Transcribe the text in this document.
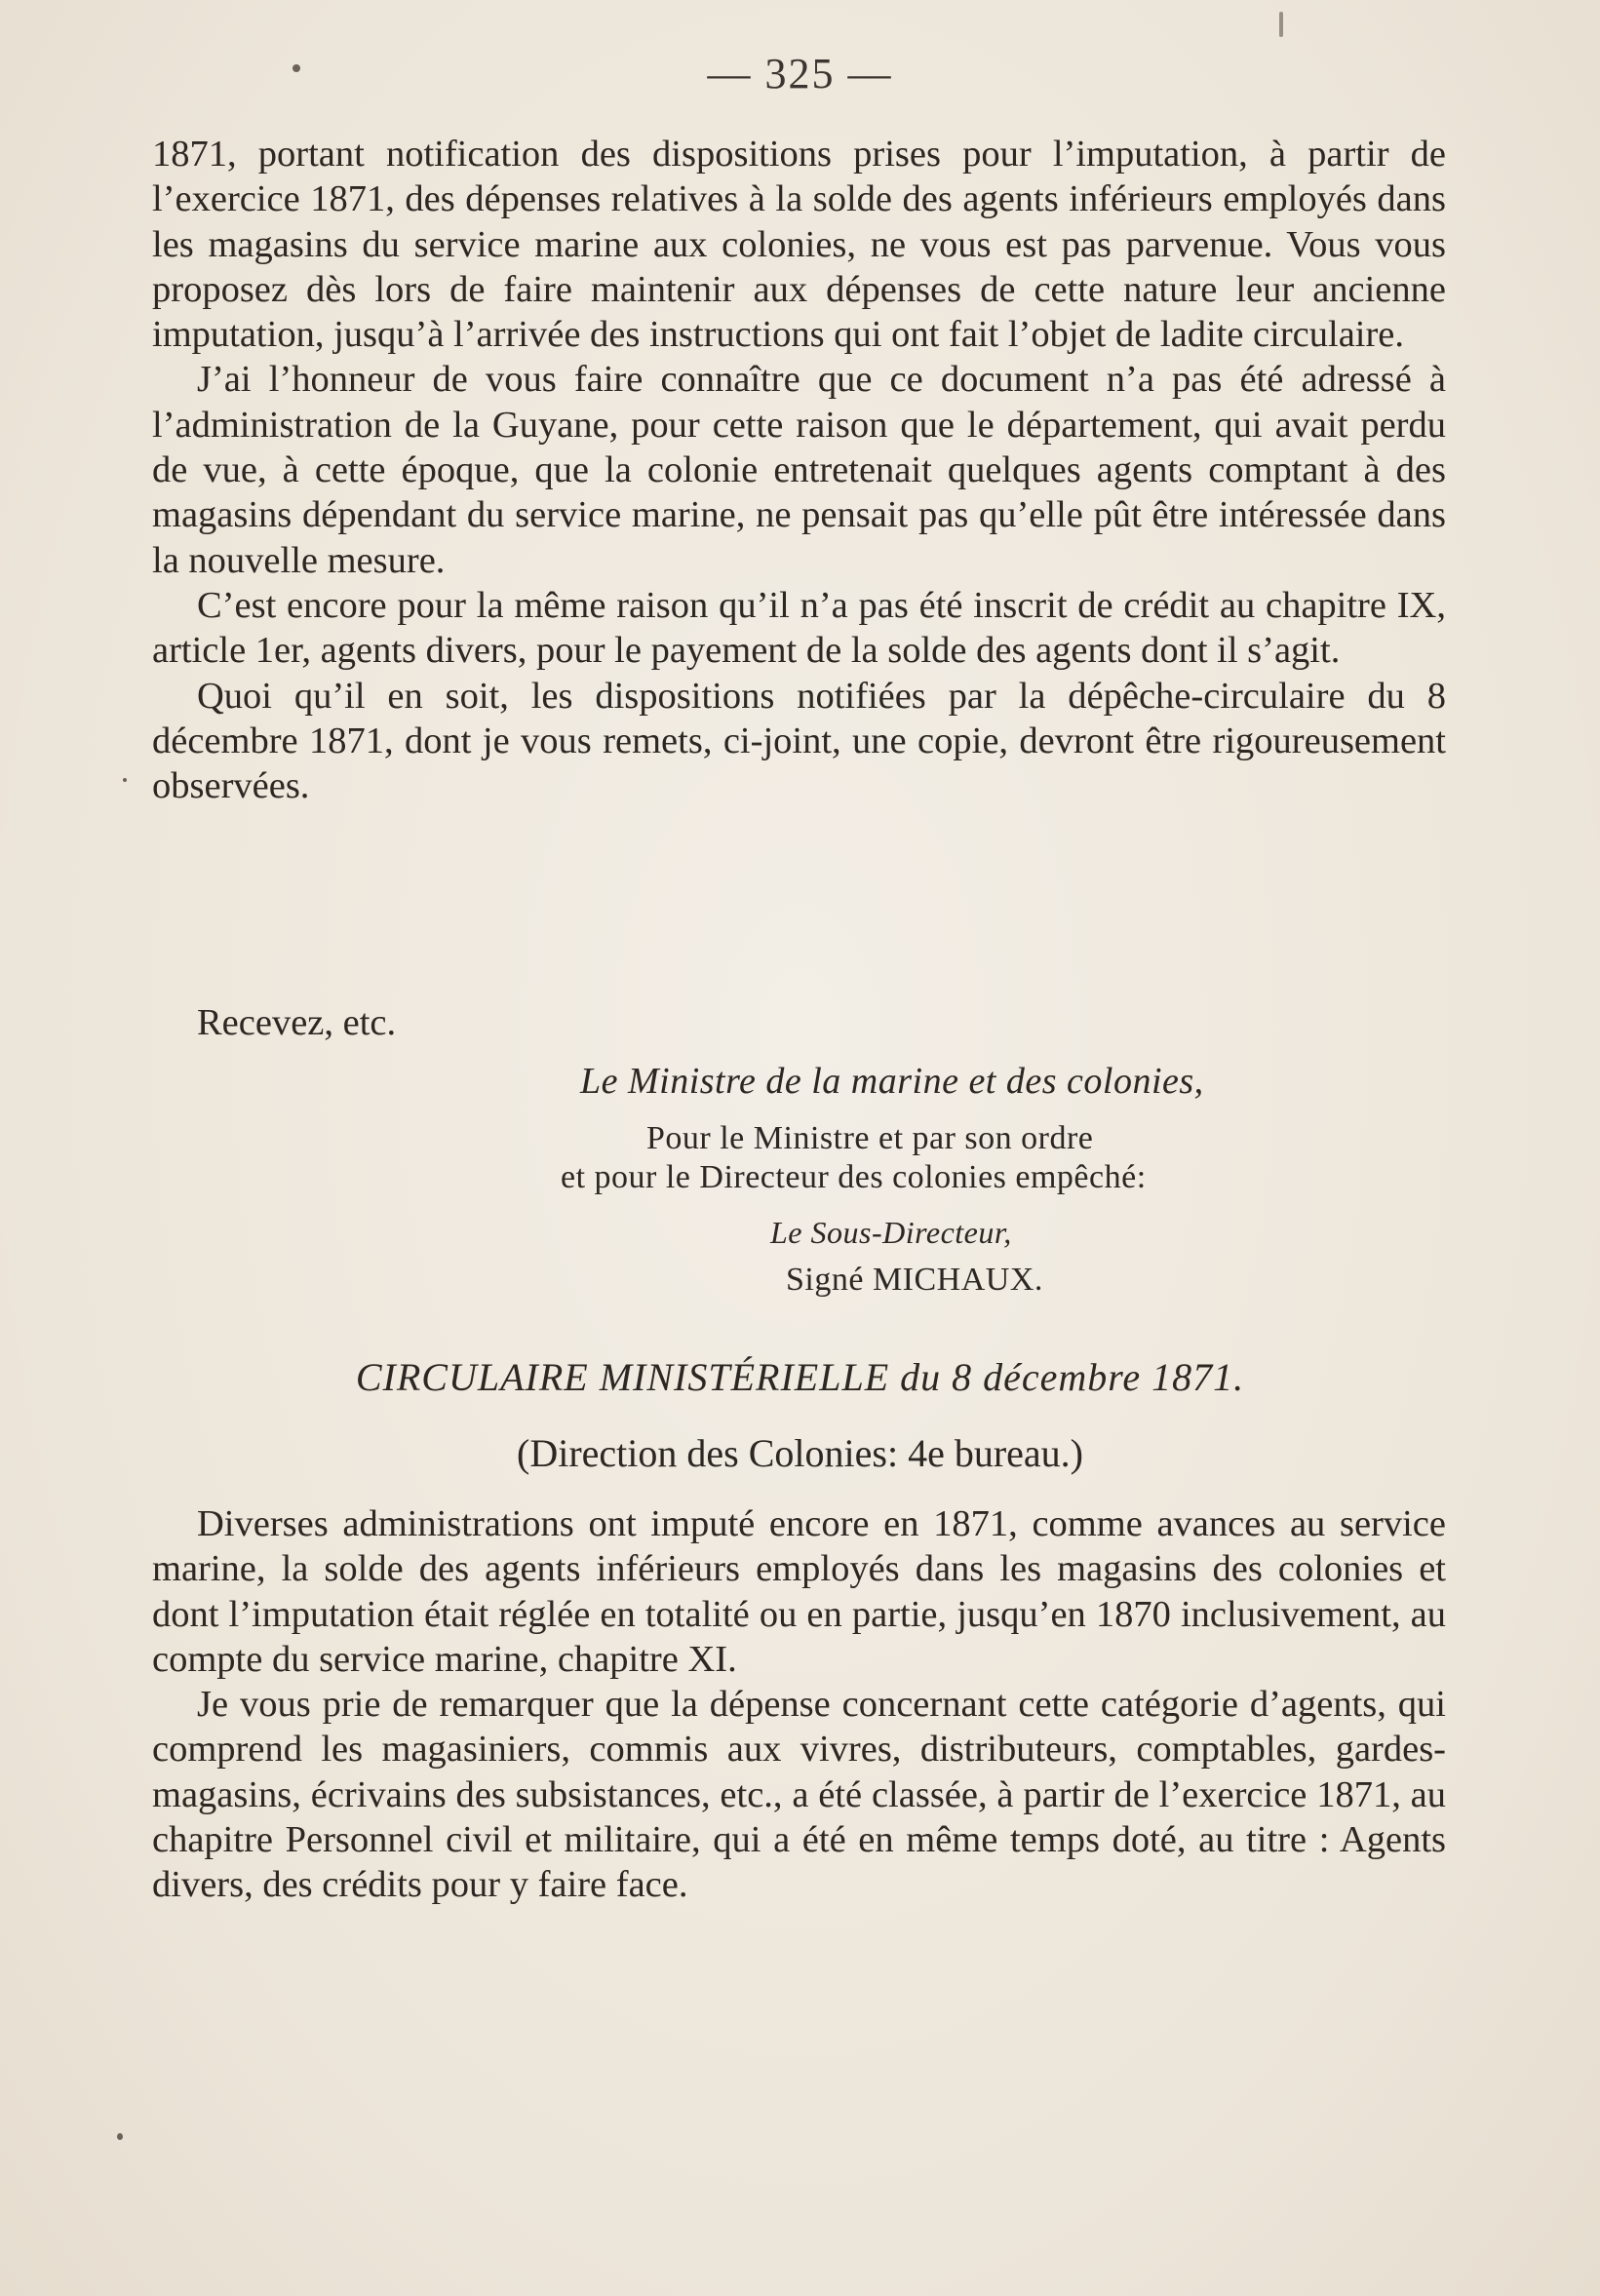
— 325 —

1871, portant notification des dispositions prises pour l’imputation, à partir de l’exercice 1871, des dépenses relatives à la solde des agents inférieurs employés dans les magasins du service marine aux colonies, ne vous est pas parvenue. Vous vous proposez dès lors de faire maintenir aux dépenses de cette nature leur ancienne imputation, jusqu’à l’arrivée des instructions qui ont fait l’objet de ladite circulaire.

J’ai l’honneur de vous faire connaître que ce document n’a pas été adressé à l’administration de la Guyane, pour cette raison que le département, qui avait perdu de vue, à cette époque, que la colonie entretenait quelques agents comptant à des magasins dépendant du service marine, ne pensait pas qu’elle pût être intéressée dans la nouvelle mesure.

C’est encore pour la même raison qu’il n’a pas été inscrit de crédit au chapitre IX, article 1er, agents divers, pour le payement de la solde des agents dont il s’agit.

Quoi qu’il en soit, les dispositions notifiées par la dépêche-circulaire du 8 décembre 1871, dont je vous remets, ci-joint, une copie, devront être rigoureusement observées.

Recevez, etc.
Le Ministre de la marine et des colonies,
Pour le Ministre et par son ordre
et pour le Directeur des colonies empêché:
Le Sous-Directeur,
Signé MICHAUX.
CIRCULAIRE MINISTÉRIELLE du 8 décembre 1871.
(Direction des Colonies: 4e bureau.)

Diverses administrations ont imputé encore en 1871, comme avances au service marine, la solde des agents inférieurs employés dans les magasins des colonies et dont l’imputation était réglée en totalité ou en partie, jusqu’en 1870 inclusivement, au compte du service marine, chapitre XI.

Je vous prie de remarquer que la dépense concernant cette catégorie d’agents, qui comprend les magasiniers, commis aux vivres, distributeurs, comptables, gardes-magasins, écrivains des subsistances, etc., a été classée, à partir de l’exercice 1871, au chapitre Personnel civil et militaire, qui a été en même temps doté, au titre : Agents divers, des crédits pour y faire face.
